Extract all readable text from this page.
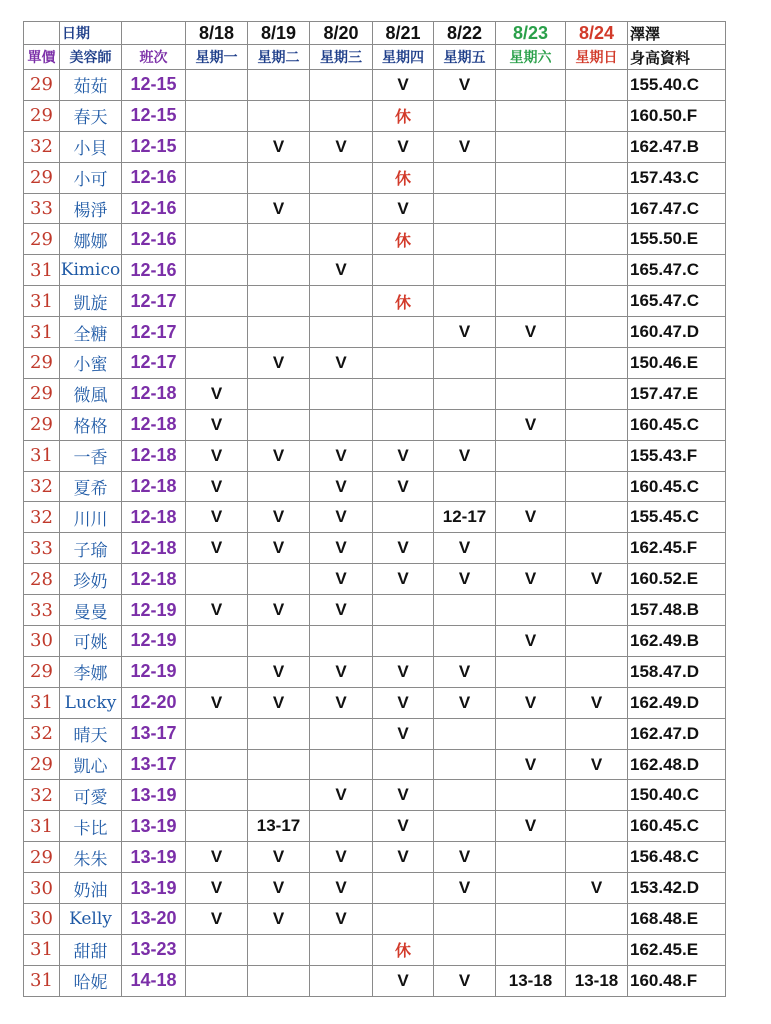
	日期		8/18	8/19	8/20	8/21	8/22	8/23	8/24	澤澤
單價	美容師	班次	星期一	星期二	星期三	星期四	星期五	星期六	星期日	身高資料
29	茹茹	12-15				V	V			155.40.C
29	春天	12-15				休				160.50.F
32	小貝	12-15		V	V	V	V			162.47.B
29	小可	12-16				休				157.43.C
33	楊淨	12-16		V		V				167.47.C
29	娜娜	12-16				休				155.50.E
31	Kimico	12-16			V					165.47.C
31	凱旋	12-17				休				165.47.C
31	全糖	12-17					V	V		160.47.D
29	小蜜	12-17		V	V					150.46.E
29	微風	12-18	V							157.47.E
29	格格	12-18	V					V		160.45.C
31	一香	12-18	V	V	V	V	V			155.43.F
32	夏希	12-18	V		V	V				160.45.C
32	川川	12-18	V	V	V		12-17	V		155.45.C
33	子瑜	12-18	V	V	V	V	V			162.45.F
28	珍奶	12-18			V	V	V	V	V	160.52.E
33	曼曼	12-19	V	V	V					157.48.B
30	可姚	12-19						V		162.49.B
29	李娜	12-19		V	V	V	V			158.47.D
31	Lucky	12-20	V	V	V	V	V	V	V	162.49.D
32	晴天	13-17				V				162.47.D
29	凱心	13-17						V	V	162.48.D
32	可愛	13-19			V	V				150.40.C
31	卡比	13-19		13-17		V		V		160.45.C
29	朱朱	13-19	V	V	V	V	V			156.48.C
30	奶油	13-19	V	V	V		V		V	153.42.D
30	Kelly	13-20	V	V	V					168.48.E
31	甜甜	13-23				休				162.45.E
31	哈妮	14-18				V	V	13-18	13-18	160.48.F
